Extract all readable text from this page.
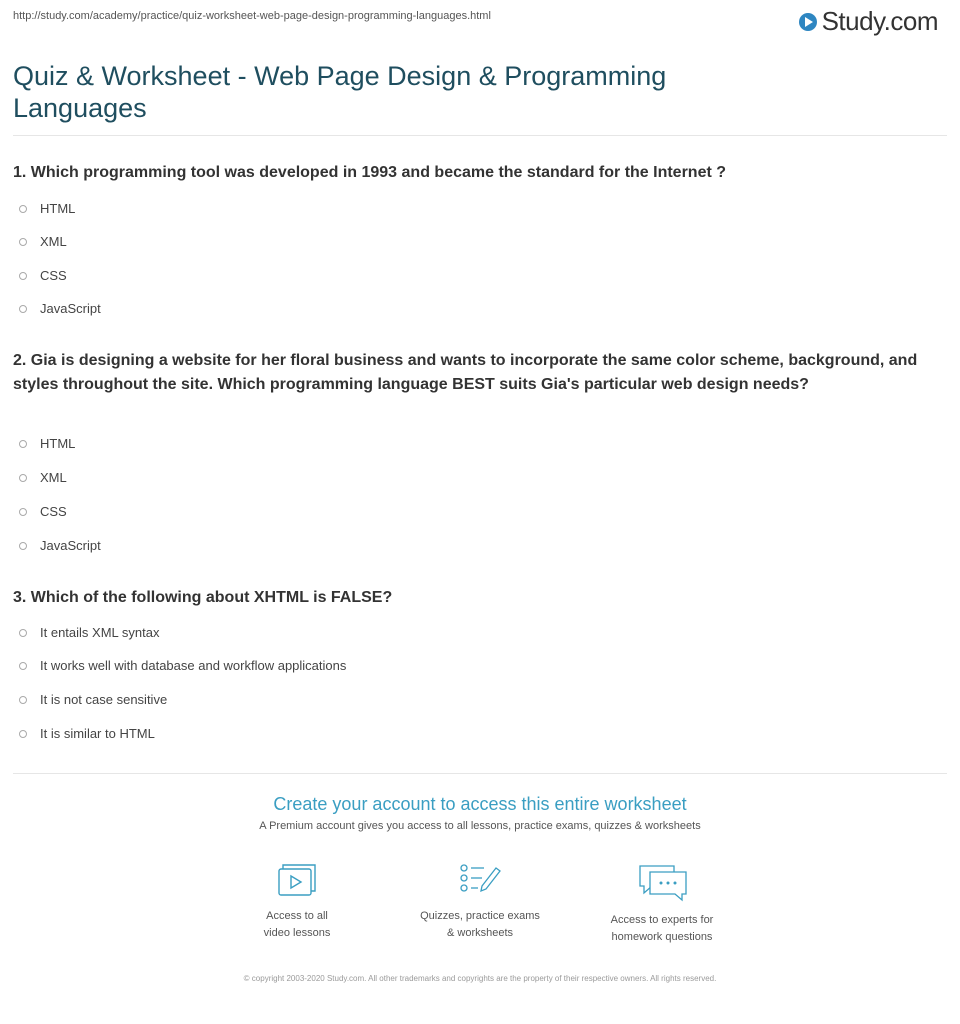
http://study.com/academy/practice/quiz-worksheet-web-page-design-programming-languages.html	Study.com
Quiz & Worksheet - Web Page Design & Programming Languages

1. Which programming tool was developed in 1993 and became the standard for the Internet ?

HTML
XML
CSS
JavaScript

2. Gia is designing a website for her floral business and wants to incorporate the same color scheme, background, and styles throughout the site. Which programming language BEST suits Gia's particular web design needs?

HTML
XML
CSS
JavaScript

3. Which of the following about XHTML is FALSE?

It entails XML syntax
It works well with database and workflow applications
It is not case sensitive
It is similar to HTML
Create your account to access this entire worksheet
A Premium account gives you access to all lessons, practice exams, quizzes & worksheets
Access to all
video lessons
Quizzes, practice exams
& worksheets
Access to experts for
homework questions
© copyright 2003-2020 Study.com. All other trademarks and copyrights are the property of their respective owners. All rights reserved.
